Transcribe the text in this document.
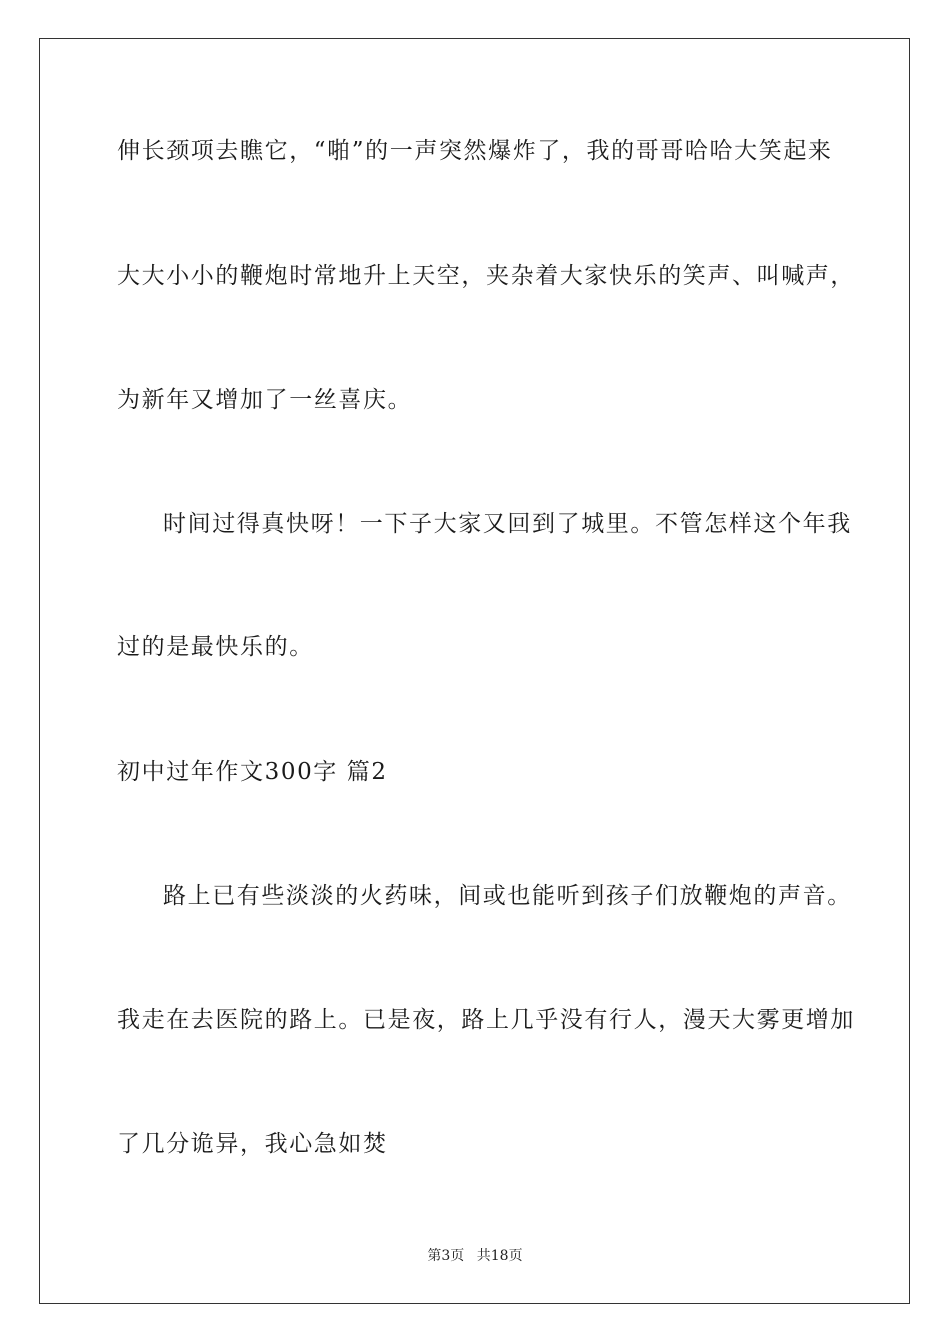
伸长颈项去瞧它，“啪”的一声突然爆炸了，我的哥哥哈哈大笑起来
大大小小的鞭炮时常地升上天空，夹杂着大家快乐的笑声、叫喊声，
为新年又增加了一丝喜庆。
时间过得真快呀！一下子大家又回到了城里。不管怎样这个年我
过的是最快乐的。
初中过年作文300字 篇2
路上已有些淡淡的火药味，间或也能听到孩子们放鞭炮的声音。
我走在去医院的路上。已是夜，路上几乎没有行人，漫天大雾更增加
了几分诡异，我心急如焚
第3页 共18页
